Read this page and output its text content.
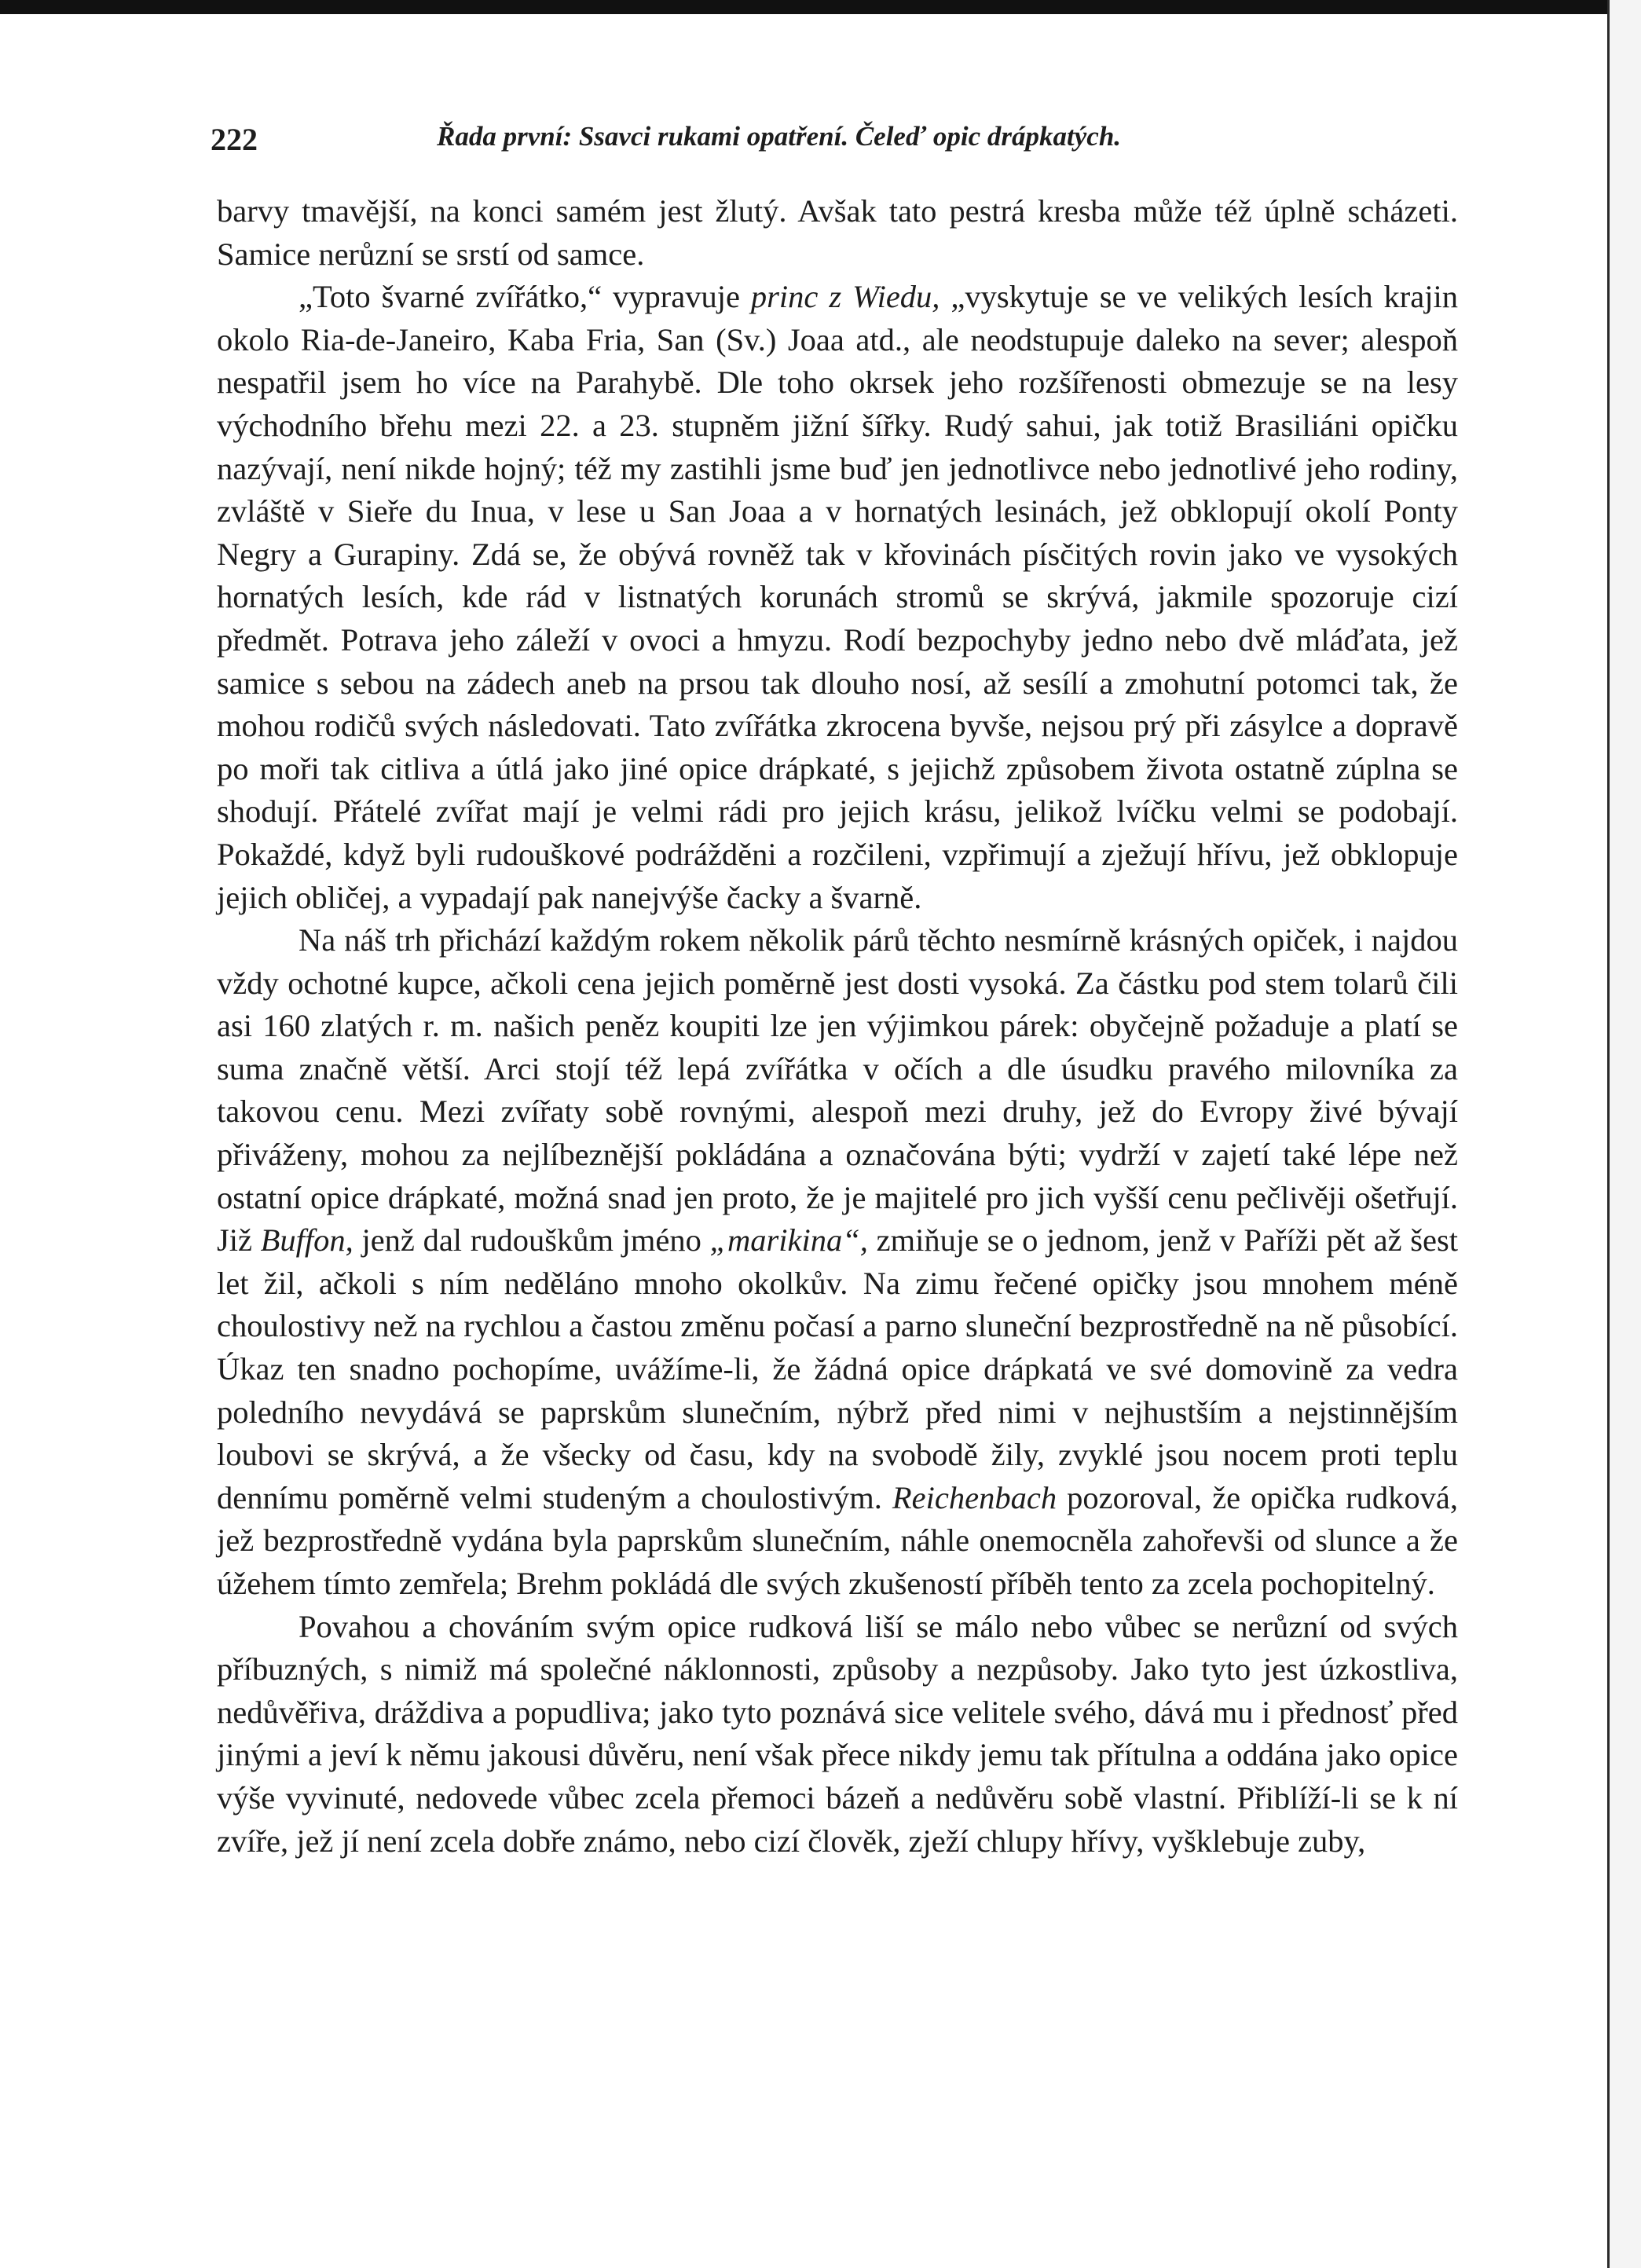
222	Řada první: Ssavci rukami opatření. Čeleď opic drápkatých.

barvy tmavější, na konci samém jest žlutý. Avšak tato pestrá kresba může též úplně scházeti. Samice nerůzní se srstí od samce.

„Toto švarné zvířátko,“ vypravuje princ z Wiedu, „vyskytuje se ve velikých lesích krajin okolo Ria-de-Janeiro, Kaba Fria, San (Sv.) Joaa atd., ale neodstupuje daleko na sever; alespoň nespatřil jsem ho více na Parahybě. Dle toho okrsek jeho rozšířenosti obmezuje se na lesy východního břehu mezi 22. a 23. stupněm jižní šířky. Rudý sahui, jak totiž Brasiliáni opičku nazývají, není nikde hojný; též my zastihli jsme buď jen jednotlivce nebo jednotlivé jeho rodiny, zvláště v Sieře du Inua, v lese u San Joaa a v hornatých lesinách, jež obklopují okolí Ponty Negry a Gurapiny. Zdá se, že obývá rovněž tak v křovinách písčitých rovin jako ve vysokých hornatých lesích, kde rád v listnatých korunách stromů se skrývá, jakmile spozoruje cizí předmět. Potrava jeho záleží v ovoci a hmyzu. Rodí bezpochyby jedno nebo dvě mláďata, jež samice s sebou na zádech aneb na prsou tak dlouho nosí, až sesílí a zmohutní potomci tak, že mohou rodičů svých následovati. Tato zvířátka zkrocena byvše, nejsou prý při zásylce a dopravě po moři tak citliva a útlá jako jiné opice drápkaté, s jejichž způsobem života ostatně zúplna se shodují. Přátelé zvířat mají je velmi rádi pro jejich krásu, jelikož lvíčku velmi se podobají. Pokaždé, když byli rudouškové podrážděni a rozčileni, vzpřimují a zježují hřívu, jež obklopuje jejich obličej, a vypadají pak nanejvýše čacky a švarně.

Na náš trh přichází každým rokem několik párů těchto nesmírně krásných opiček, i najdou vždy ochotné kupce, ačkoli cena jejich poměrně jest dosti vysoká. Za částku pod stem tolarů čili asi 160 zlatých r. m. našich peněz koupiti lze jen výjimkou párek: obyčejně požaduje a platí se suma značně větší. Arci stojí též lepá zvířátka v očích a dle úsudku pravého milovníka za takovou cenu. Mezi zvířaty sobě rovnými, alespoň mezi druhy, jež do Evropy živé bývají přiváženy, mohou za nejlíbeznější pokládána a označována býti; vydrží v zajetí také lépe než ostatní opice drápkaté, možná snad jen proto, že je majitelé pro jich vyšší cenu pečlivěji ošetřují. Již Buffon, jenž dal rudouškům jméno „marikina“, zmiňuje se o jednom, jenž v Paříži pět až šest let žil, ačkoli s ním neděláno mnoho okolkův. Na zimu řečené opičky jsou mnohem méně choulostivy než na rychlou a častou změnu počasí a parno sluneční bezprostředně na ně působící. Úkaz ten snadno pochopíme, uvážíme-li, že žádná opice drápkatá ve své domovině za vedra poledního nevydává se paprskům slunečním, nýbrž před nimi v nejhustším a nejstinnějším loubovi se skrývá, a že všecky od času, kdy na svobodě žily, zvyklé jsou nocem proti teplu dennímu poměrně velmi studeným a choulostivým. Reichenbach pozoroval, že opička rudková, jež bezprostředně vydána byla paprskům slunečním, náhle onemocněla zahořevši od slunce a že úžehem tímto zemřela; Brehm pokládá dle svých zkušeností příběh tento za zcela pochopitelný.

Povahou a chováním svým opice rudková liší se málo nebo vůbec se nerůzní od svých příbuzných, s nimiž má společné náklonnosti, způsoby a nezpůsoby. Jako tyto jest úzkostliva, nedůvěřiva, dráždiva a popudliva; jako tyto poznává sice velitele svého, dává mu i přednosť před jinými a jeví k němu jakousi důvěru, není však přece nikdy jemu tak přítulna a oddána jako opice výše vyvinuté, nedovede vůbec zcela přemoci bázeň a nedůvěru sobě vlastní. Přiblíží-li se k ní zvíře, jež jí není zcela dobře známo, nebo cizí člověk, zježí chlupy hřívy, vyšklebuje zuby,
